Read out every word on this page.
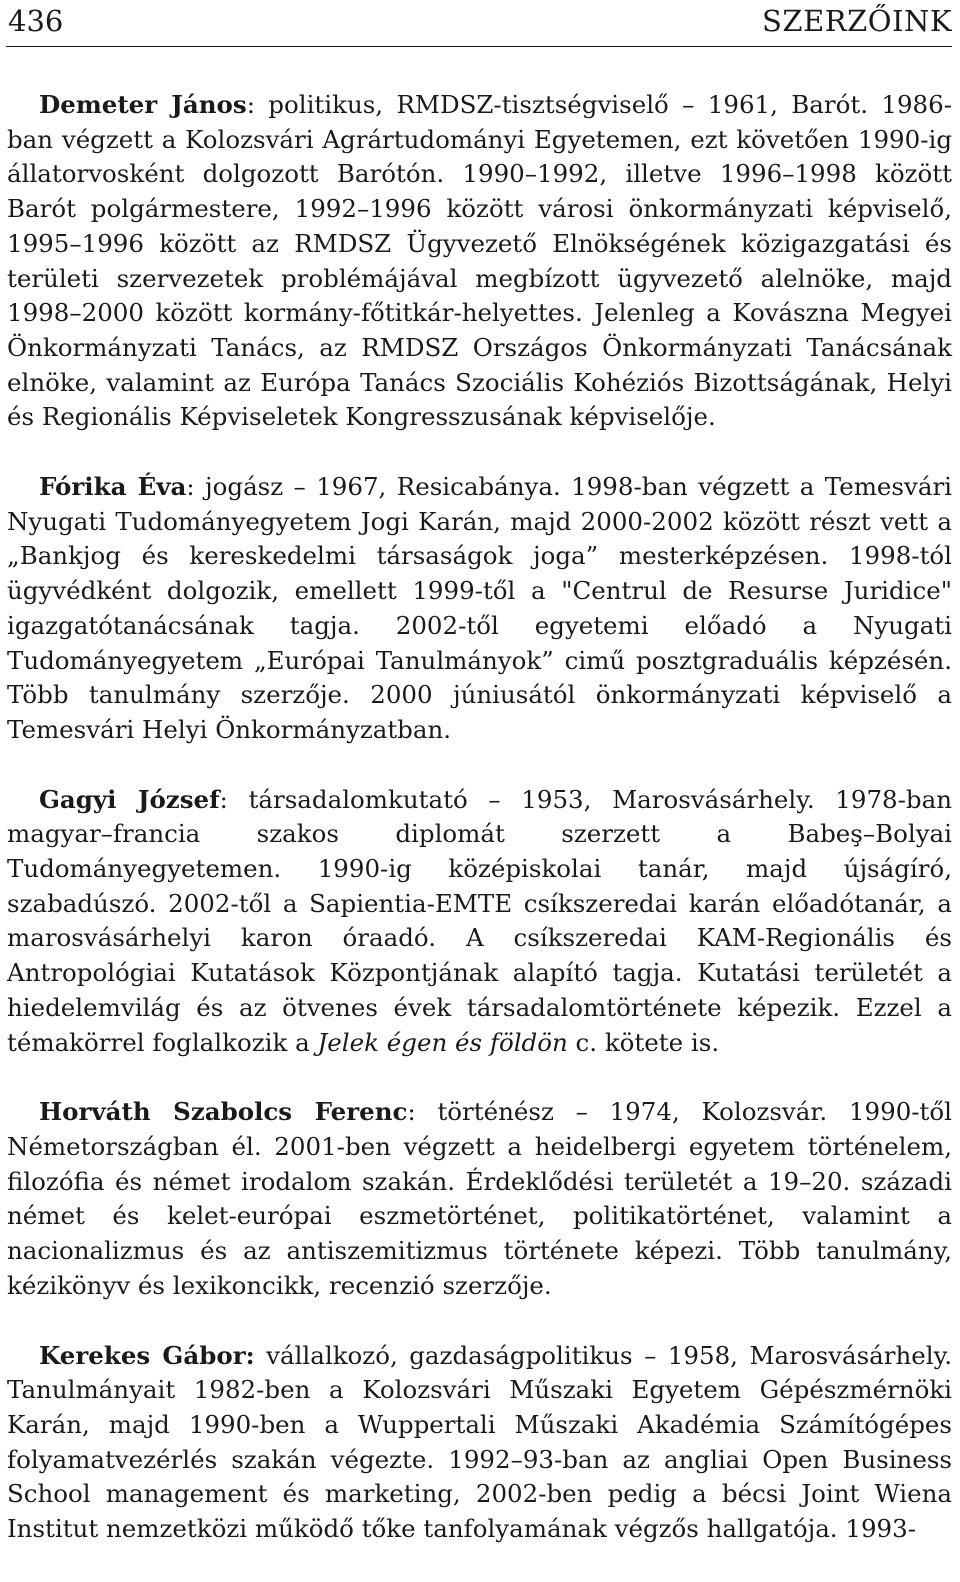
436	SZERZŐINK

Demeter János: politikus, RMDSZ-tisztségviselő – 1961, Barót. 1986-ban végzett a Kolozsvári Agrártudományi Egyetemen, ezt követően 1990-ig állatorvosként dolgozott Barótón. 1990–1992, illetve 1996–1998 között Barót polgármestere, 1992–1996 között városi önkormányzati képviselő, 1995–1996 között az RMDSZ Ügyvezető Elnökségének közigazgatási és területi szervezetek problémájával megbízott ügyvezető alelnöke, majd 1998–2000 között kormány-főtitkár-helyettes. Jelenleg a Kovászna Megyei Önkormányzati Tanács, az RMDSZ Országos Önkormányzati Tanácsának elnöke, valamint az Európa Tanács Szociális Kohéziós Bizottságának, Helyi és Regionális Képviseletek Kongresszusának képviselője.

Fórika Éva: jogász – 1967, Resicabánya. 1998-ban végzett a Temesvári Nyugati Tudományegyetem Jogi Karán, majd 2000-2002 között részt vett a „Bankjog és kereskedelmi társaságok joga” mesterképzésen. 1998-tól ügyvédként dolgozik, emellett 1999-től a "Centrul de Resurse Juridice" igazgatótanácsának tagja. 2002-től egyetemi előadó a Nyugati Tudományegyetem „Európai Tanulmányok” cimű posztgraduális képzésén. Több tanulmány szerzője. 2000 júniusától önkormányzati képviselő a Temesvári Helyi Önkormányzatban.

Gagyi József: társadalomkutató – 1953, Marosvásárhely. 1978-ban magyar–francia szakos diplomát szerzett a Babeş–Bolyai Tudományegyetemen. 1990-ig középiskolai tanár, majd újságíró, szabadúszó. 2002-től a Sapientia-EMTE csíkszeredai karán előadótanár, a marosvásárhelyi karon óraadó. A csíkszeredai KAM-Regionális és Antropológiai Kutatások Központjának alapító tagja. Kutatási területét a hiedelemvilág és az ötvenes évek társadalomtörténete képezik. Ezzel a témakörrel foglalkozik a Jelek égen és földön c. kötete is.

Horváth Szabolcs Ferenc: történész – 1974, Kolozsvár. 1990-től Németországban él. 2001-ben végzett a heidelbergi egyetem történelem, filozófia és német irodalom szakán. Érdeklődési területét a 19–20. századi német és kelet-európai eszmetörténet, politikatörténet, valamint a nacionalizmus és az antiszemitizmus története képezi. Több tanulmány, kézikönyv és lexikoncikk, recenzió szerzője.

Kerekes Gábor: vállalkozó, gazdaságpolitikus – 1958, Marosvásárhely. Tanulmányait 1982-ben a Kolozsvári Műszaki Egyetem Gépészmérnöki Karán, majd 1990-ben a Wuppertali Műszaki Akadémia Számítógépes folyamatvezérlés szakán végezte. 1992–93-ban az angliai Open Business School management és marketing, 2002-ben pedig a bécsi Joint Wiena Institut nemzetközi működő tőke tanfolyamának végzős hallgatója. 1993-
